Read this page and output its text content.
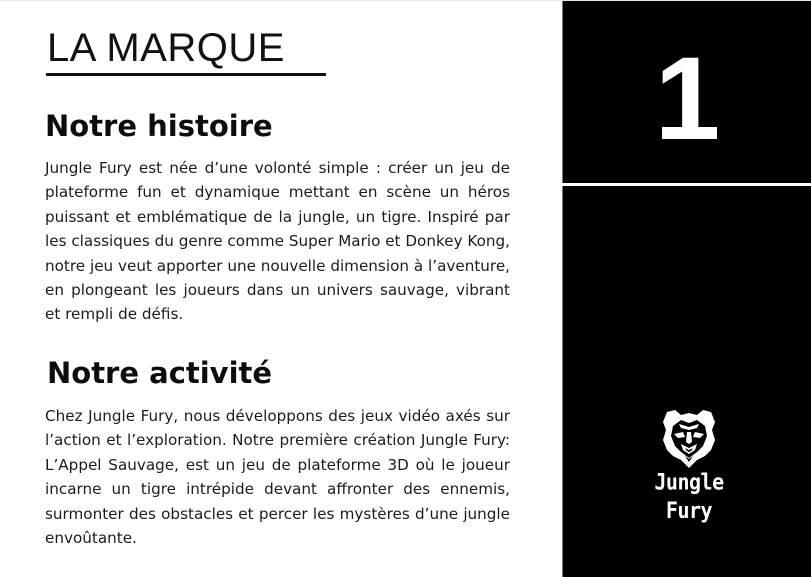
LA MARQUE
Notre histoire

Jungle Fury est née d’une volonté simple : créer un jeu de plateforme fun et dynamique mettant en scène un héros puissant et emblématique de la jungle, un tigre. Inspiré par les classiques du genre comme Super Mario et Donkey Kong, notre jeu veut apporter une nouvelle dimension à l’aventure, en plongeant les joueurs dans un univers sauvage, vibrant et rempli de défis.

Notre activité

Chez Jungle Fury, nous développons des jeux vidéo axés sur l’action et l’exploration. Notre première création Jungle Fury: L’Appel Sauvage, est un jeu de plateforme 3D où le joueur incarne un tigre intrépide devant affronter des ennemis, surmonter des obstacles et percer les mystères d’une jungle envoûtante.

1
Jungle Fury
